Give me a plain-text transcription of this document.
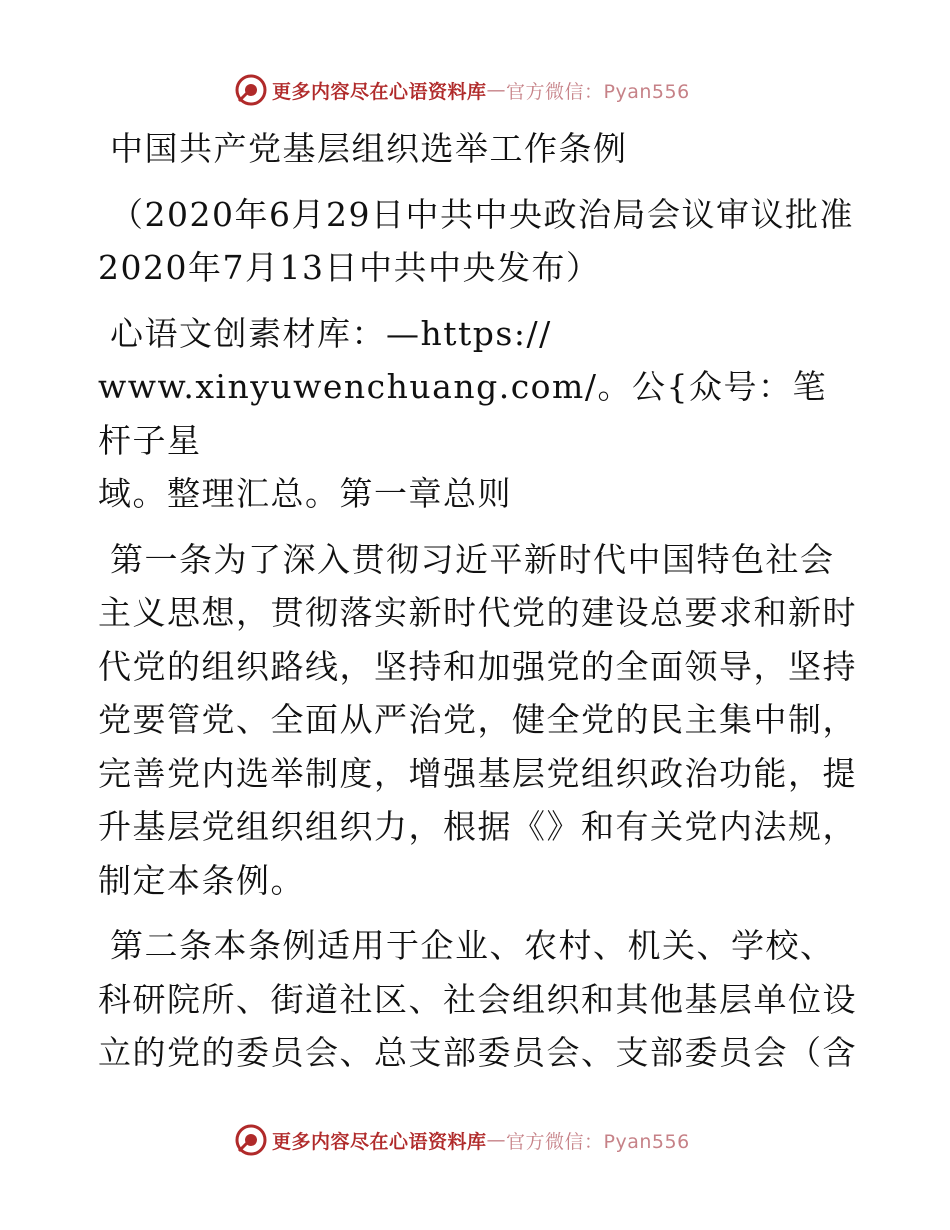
更多内容尽在心语资料库 — 官方微信：Pyan556

中国共产党基层组织选举工作条例

（2020年6月29日中共中央政治局会议审议批准

2020年7月13日中共中央发布）

心语文创素材库：—https://

www.xinyuwenchuang.com/。公{众号：笔杆子星

域。整理汇总。第一章总则

第一条为了深入贯彻习近平新时代中国特色社会

主义思想，贯彻落实新时代党的建设总要求和新时

代党的组织路线，坚持和加强党的全面领导，坚持

党要管党、全面从严治党，健全党的民主集中制，

完善党内选举制度，增强基层党组织政治功能，提

升基层党组织组织力，根据《》和有关党内法规，

制定本条例。

第二条本条例适用于企业、农村、机关、学校、

科研院所、街道社区、社会组织和其他基层单位设

立的党的委员会、总支部委员会、支部委员会（含

更多内容尽在心语资料库 — 官方微信：Pyan556
